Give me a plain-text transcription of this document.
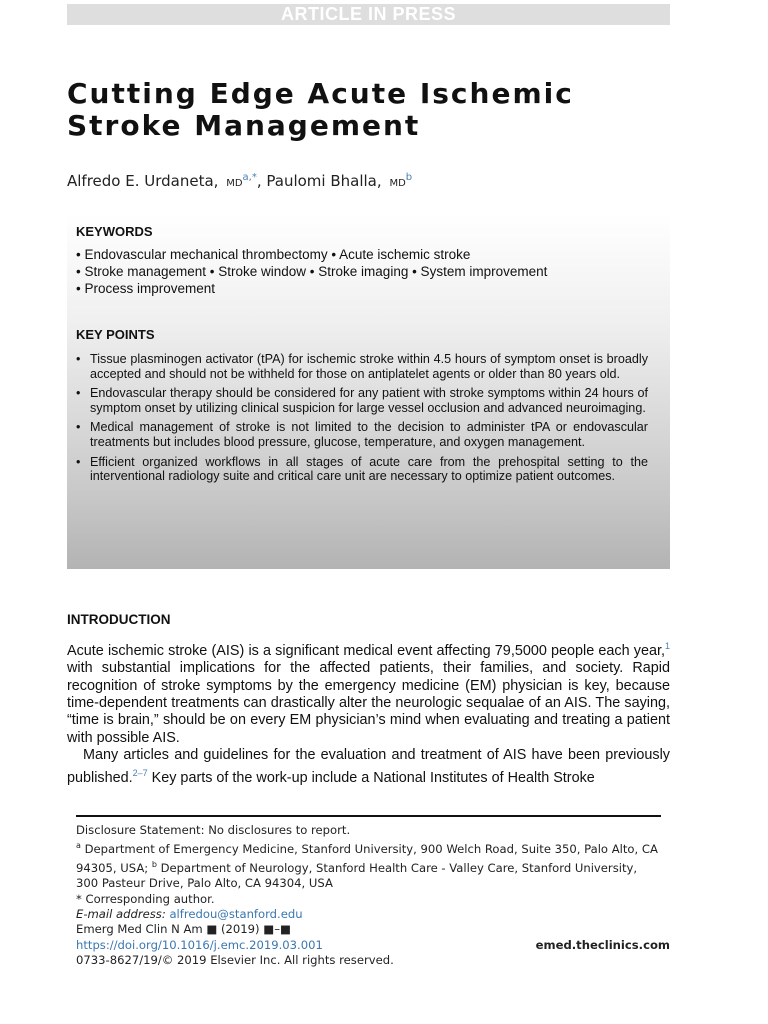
ARTICLE IN PRESS
Cutting Edge Acute Ischemic
Stroke Management
Alfredo E. Urdaneta, $MD^{a,*}$, Paulomi Bhalla, $MD^b$
KEYWORDS
• Endovascular mechanical thrombectomy • Acute ischemic stroke
• Stroke management • Stroke window • Stroke imaging • System improvement
• Process improvement
KEY POINTS
• Tissue plasminogen activator (tPA) for ischemic stroke within 4.5 hours of symptom onset is broadly accepted and should not be withheld for those on antiplatelet agents or older than 80 years old.
• Endovascular therapy should be considered for any patient with stroke symptoms within 24 hours of symptom onset by utilizing clinical suspicion for large vessel occlusion and advanced neuroimaging.
• Medical management of stroke is not limited to the decision to administer tPA or endovascular treatments but includes blood pressure, glucose, temperature, and oxygen management.
• Efficient organized workflows in all stages of acute care from the prehospital setting to the interventional radiology suite and critical care unit are necessary to optimize patient outcomes.
INTRODUCTION

Acute ischemic stroke (AIS) is a significant medical event affecting 79,5000 people each year,$^1$ with substantial implications for the affected patients, their families, and society. Rapid recognition of stroke symptoms by the emergency medicine (EM) physician is key, because time-dependent treatments can drastically alter the neurologic sequalae of an AIS. The saying, “time is brain,” should be on every EM physician’s mind when evaluating and treating a patient with possible AIS.

Many articles and guidelines for the evaluation and treatment of AIS have been previously published.$^{2-7}$ Key parts of the work-up include a National Institutes of Health Stroke

Disclosure Statement: No disclosures to report.

$^a$ Department of Emergency Medicine, Stanford University, 900 Welch Road, Suite 350, Palo Alto, CA 94305, USA; $^b$ Department of Neurology, Stanford Health Care - Valley Care, Stanford University, 300 Pasteur Drive, Palo Alto, CA 94304, USA

* Corresponding author.

E-mail address: alfredou@stanford.edu

Emerg Med Clin N Am ■ (2019) ■–■

https://doi.org/10.1016/j.emc.2019.03.001

0733-8627/19/© 2019 Elsevier Inc. All rights reserved.

emed.theclinics.com
